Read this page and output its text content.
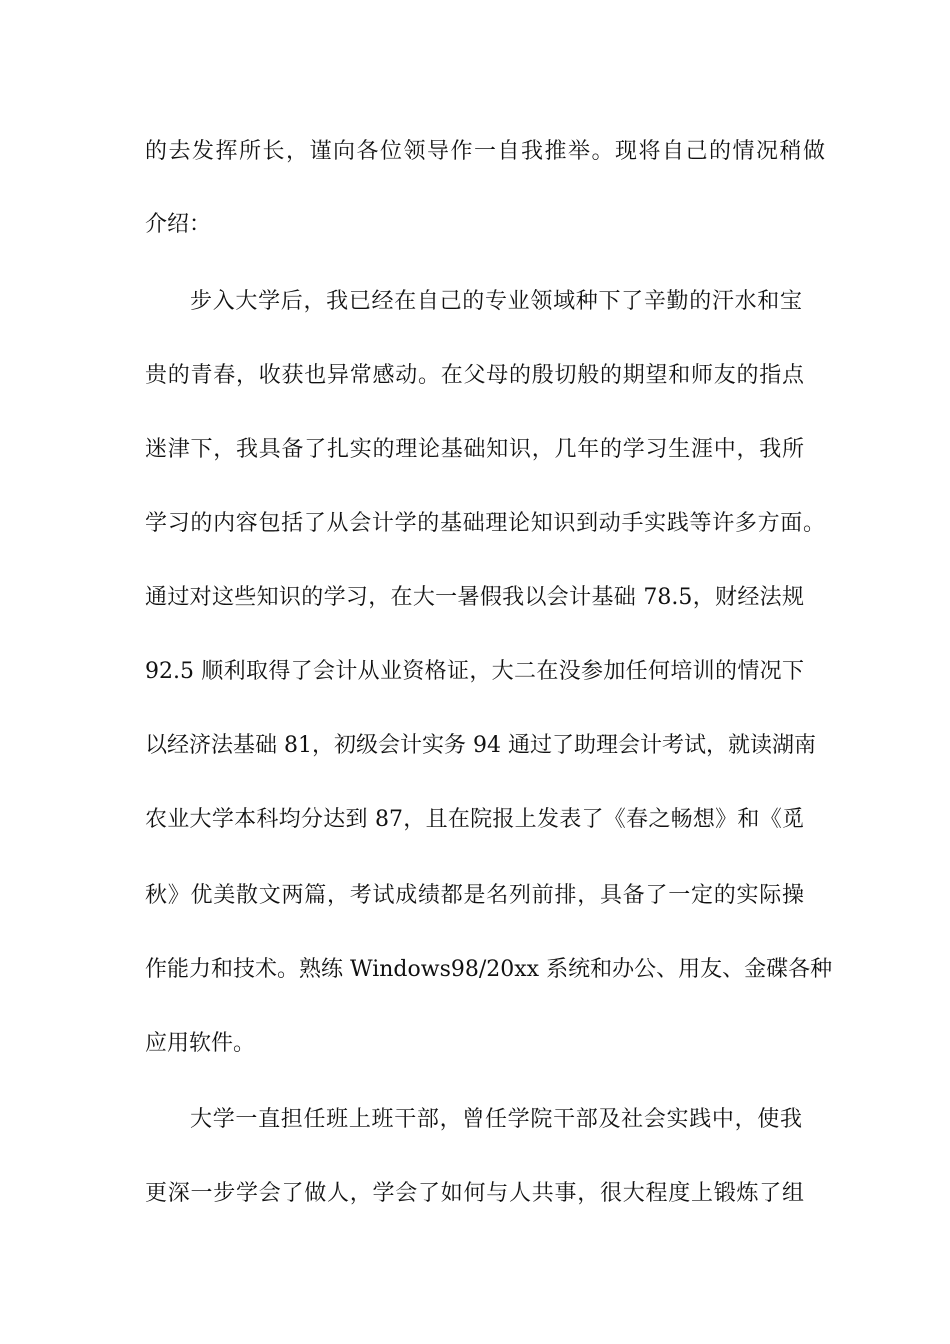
的去发挥所长，谨向各位领导作一自我推举。现将自己的情况稍做
介绍：
步入大学后，我已经在自己的专业领域种下了辛勤的汗水和宝
贵的青春，收获也异常感动。在父母的殷切般的期望和师友的指点
迷津下，我具备了扎实的理论基础知识，几年的学习生涯中，我所
学习的内容包括了从会计学的基础理论知识到动手实践等许多方面。
通过对这些知识的学习，在大一暑假我以会计基础 78.5，财经法规
92.5 顺利取得了会计从业资格证，大二在没参加任何培训的情况下
以经济法基础 81，初级会计实务 94 通过了助理会计考试，就读湖南
农业大学本科均分达到 87，且在院报上发表了《春之畅想》和《觅
秋》优美散文两篇，考试成绩都是名列前排，具备了一定的实际操
作能力和技术。熟练 Windows98/20xx 系统和办公、用友、金碟各种
应用软件。
大学一直担任班上班干部，曾任学院干部及社会实践中，使我
更深一步学会了做人，学会了如何与人共事，很大程度上锻炼了组
